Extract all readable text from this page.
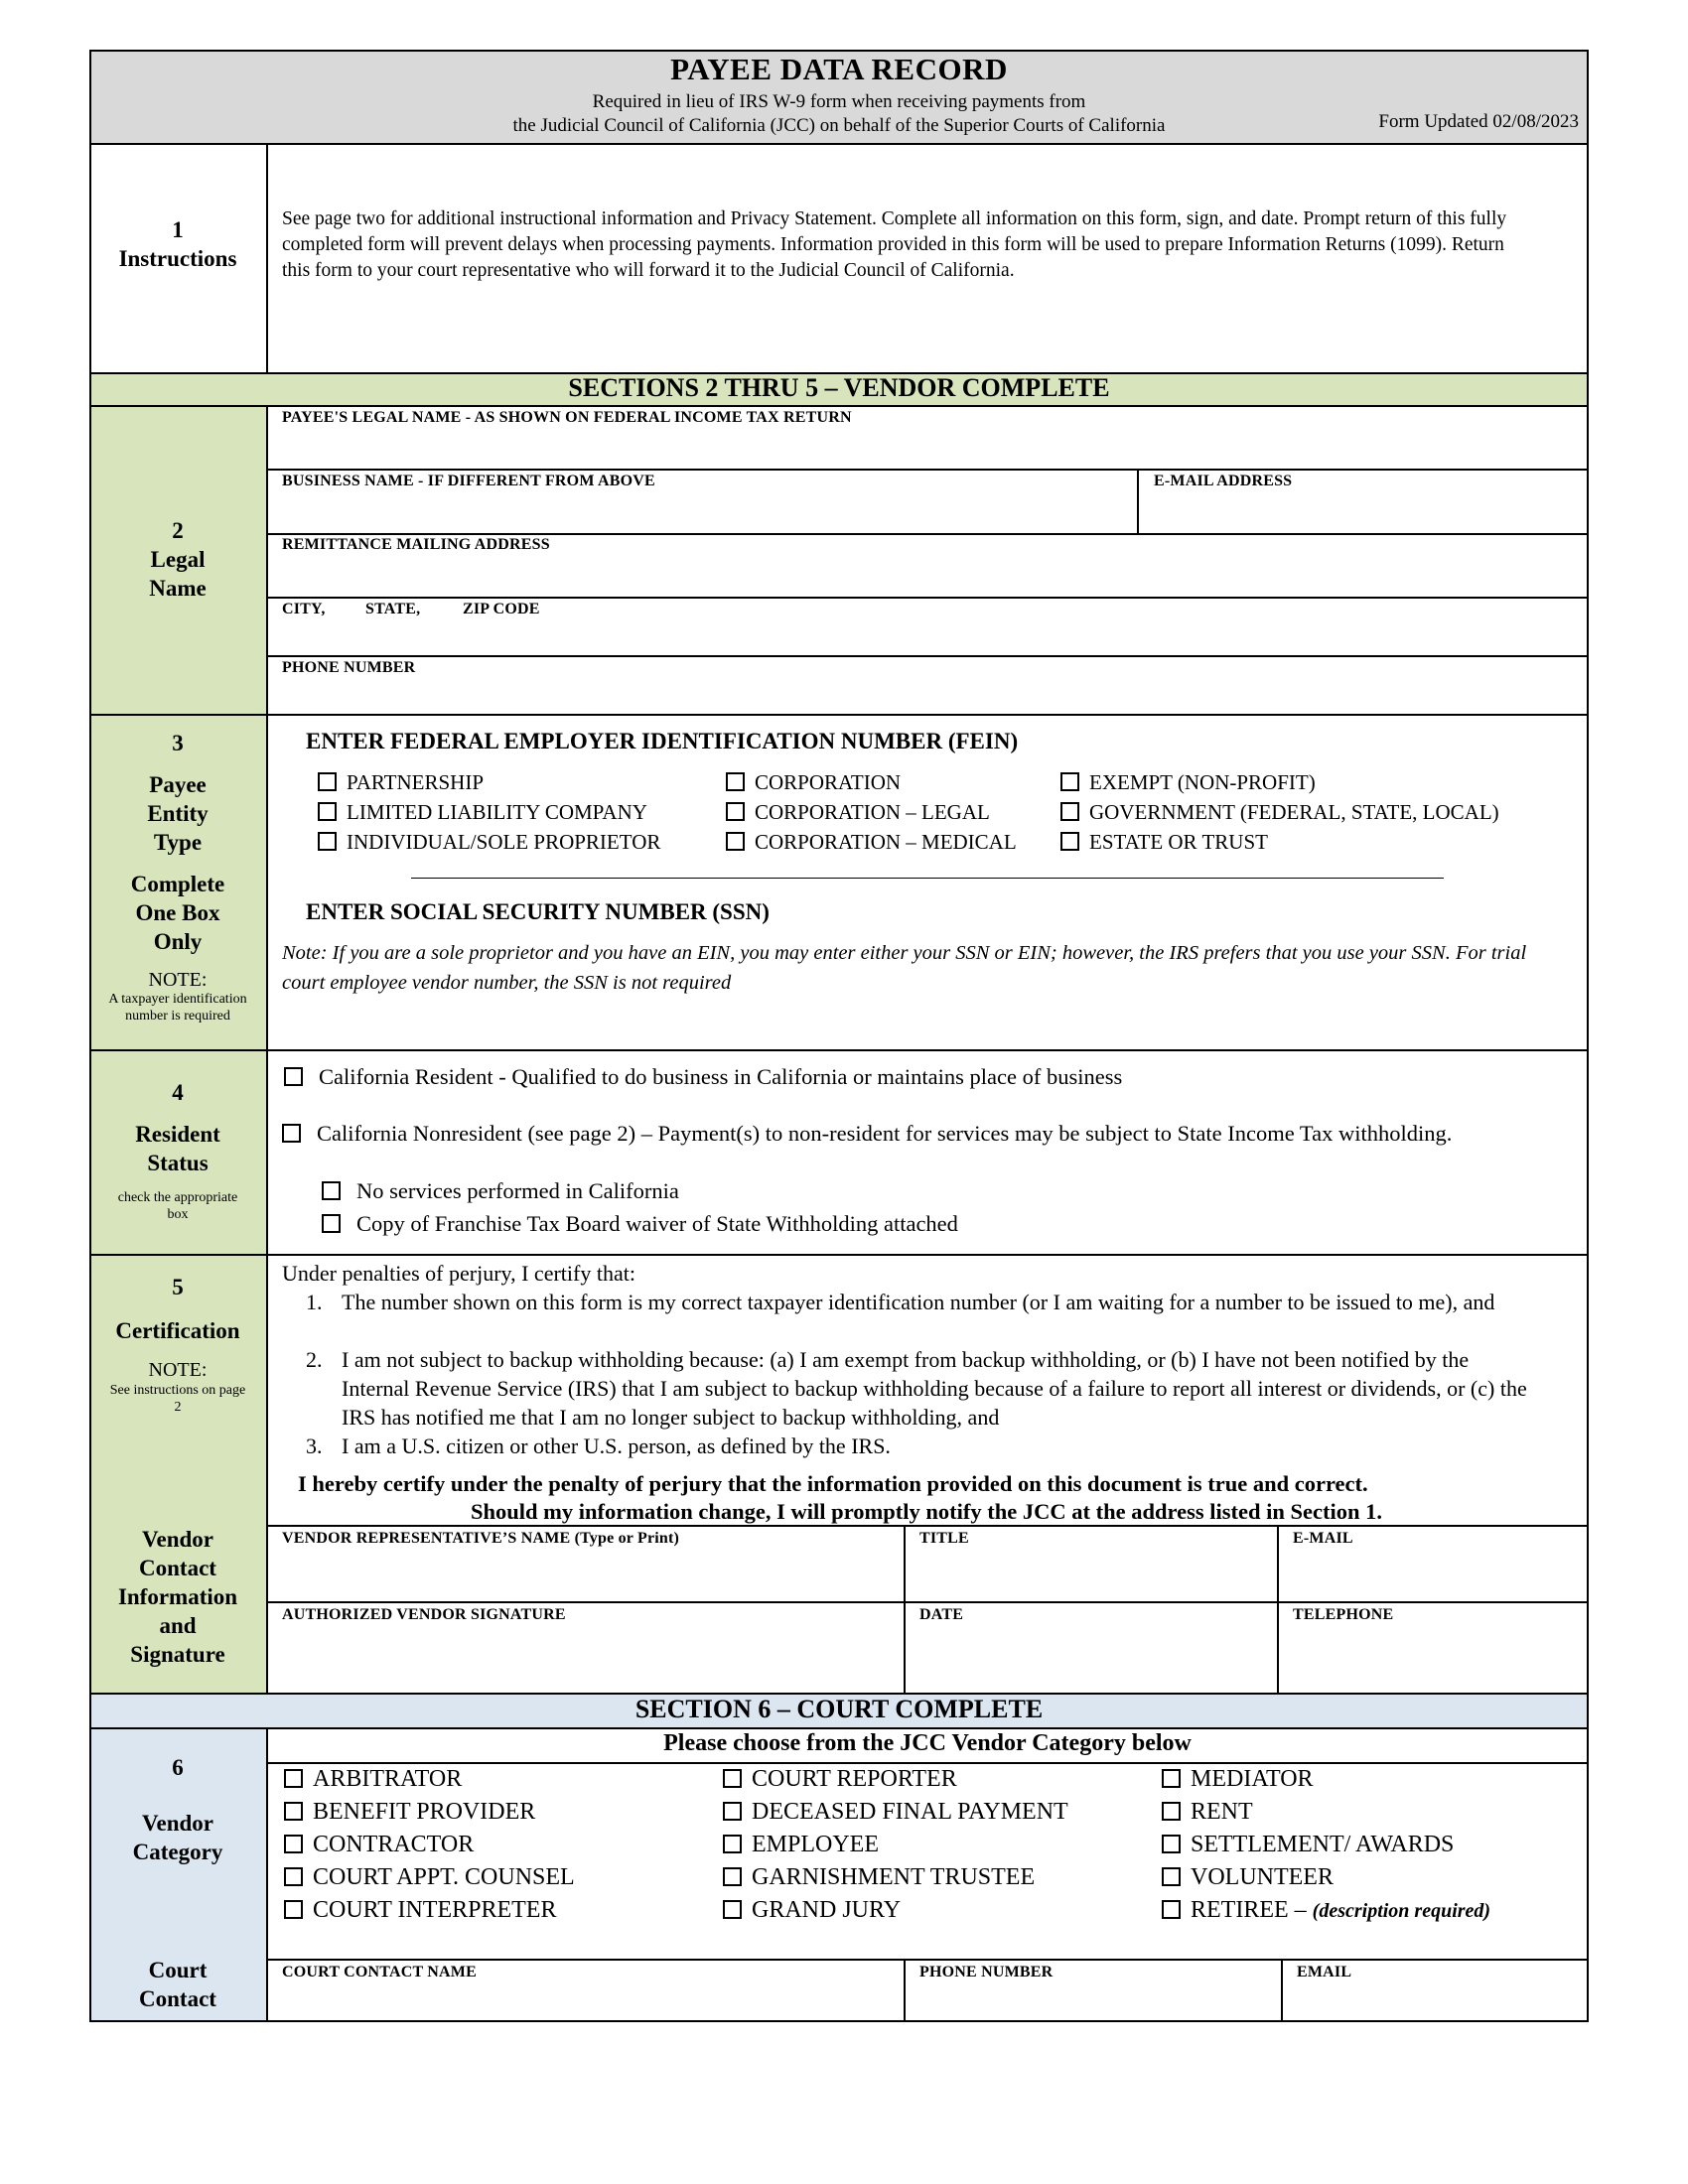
PAYEE DATA RECORD
Required in lieu of IRS W-9 form when receiving payments from
the Judicial Council of California (JCC) on behalf of the Superior Courts of California	Form Updated 02/08/2023
1
Instructions
See page two for additional instructional information and Privacy Statement. Complete all information on this form, sign, and date. Prompt return of this fully completed form will prevent delays when processing payments. Information provided in this form will be used to prepare Information Returns (1099). Return this form to your court representative who will forward it to the Judicial Council of California.
SECTIONS 2 THRU 5 – VENDOR COMPLETE
2
Legal
Name
PAYEE'S LEGAL NAME - AS SHOWN ON FEDERAL INCOME TAX RETURN
BUSINESS NAME - IF DIFFERENT FROM ABOVE	E-MAIL ADDRESS
REMITTANCE MAILING ADDRESS
CITY,	STATE,	ZIP CODE
PHONE NUMBER
3
Payee
Entity
Type
Complete
One Box
Only
NOTE:
A taxpayer identification number is required
ENTER FEDERAL EMPLOYER IDENTIFICATION NUMBER (FEIN)
PARTNERSHIP
LIMITED LIABILITY COMPANY
INDIVIDUAL/SOLE PROPRIETOR
CORPORATION
CORPORATION – LEGAL
CORPORATION – MEDICAL
EXEMPT (NON-PROFIT)
GOVERNMENT (FEDERAL, STATE, LOCAL)
ESTATE OR TRUST
ENTER SOCIAL SECURITY NUMBER (SSN)
Note: If you are a sole proprietor and you have an EIN, you may enter either your SSN or EIN; however, the IRS prefers that you use your SSN. For trial court employee vendor number, the SSN is not required
4
Resident
Status
check the appropriate box
California Resident - Qualified to do business in California or maintains place of business
California Nonresident (see page 2) – Payment(s) to non-resident for services may be subject to State Income Tax withholding.
No services performed in California
Copy of Franchise Tax Board waiver of State Withholding attached
5
Certification
NOTE:
See instructions on page 2
Under penalties of perjury, I certify that:
1. The number shown on this form is my correct taxpayer identification number (or I am waiting for a number to be issued to me), and
2. I am not subject to backup withholding because: (a) I am exempt from backup withholding, or (b) I have not been notified by the Internal Revenue Service (IRS) that I am subject to backup withholding because of a failure to report all interest or dividends, or (c) the IRS has notified me that I am no longer subject to backup withholding, and
3. I am a U.S. citizen or other U.S. person, as defined by the IRS.
I hereby certify under the penalty of perjury that the information provided on this document is true and correct.
Should my information change, I will promptly notify the JCC at the address listed in Section 1.
Vendor
Contact
Information
and
Signature
VENDOR REPRESENTATIVE’S NAME (Type or Print)	TITLE	E-MAIL
AUTHORIZED VENDOR SIGNATURE	DATE	TELEPHONE
SECTION 6 – COURT COMPLETE
6
Vendor
Category
Please choose from the JCC Vendor Category below
ARBITRATOR
BENEFIT PROVIDER
CONTRACTOR
COURT APPT. COUNSEL
COURT INTERPRETER
COURT REPORTER
DECEASED FINAL PAYMENT
EMPLOYEE
GARNISHMENT TRUSTEE
GRAND JURY
MEDIATOR
RENT
SETTLEMENT/ AWARDS
VOLUNTEER
RETIREE – (description required)
Court
Contact
COURT CONTACT NAME	PHONE NUMBER	EMAIL
